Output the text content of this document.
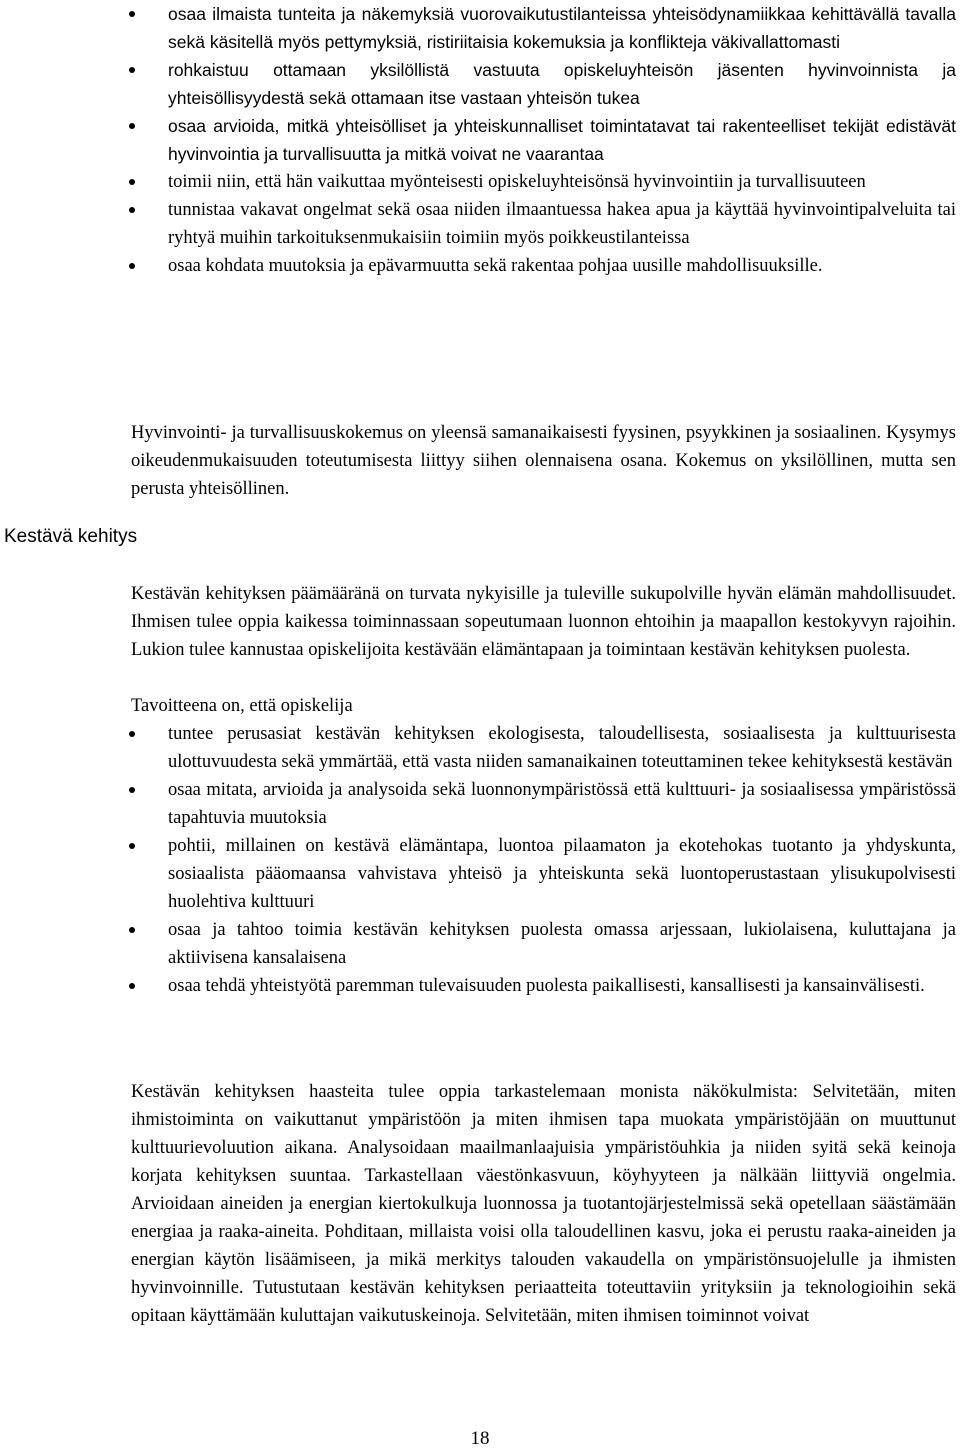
osaa ilmaista tunteita ja näkemyksiä vuorovaikutustilanteissa yhteisödynamiikkaa kehittävällä tavalla sekä käsitellä myös pettymyksiä, ristiriitaisia kokemuksia ja konflikteja väkivallattomasti
rohkaistuu ottamaan yksilöllistä vastuuta opiskeluyhteisön jäsenten hyvinvoinnista ja yhteisöllisyydestä sekä ottamaan itse vastaan yhteisön tukea
osaa arvioida, mitkä yhteisölliset ja yhteiskunnalliset toimintatavat tai rakenteelliset tekijät edistävät hyvinvointia ja turvallisuutta ja mitkä voivat ne vaarantaa
toimii niin, että hän vaikuttaa myönteisesti opiskeluyhteisönsä hyvinvointiin ja turvallisuuteen
tunnistaa vakavat ongelmat sekä osaa niiden ilmaantuessa hakea apua ja käyttää hyvinvointipalveluita tai ryhtyä muihin tarkoituksenmukaisiin toimiin myös poikkeustilanteissa
osaa kohdata muutoksia ja epävarmuutta sekä rakentaa pohjaa uusille mahdollisuuksille.

Hyvinvointi- ja turvallisuuskokemus on yleensä samanaikaisesti fyysinen, psyykkinen ja sosiaalinen. Kysymys oikeudenmukaisuuden toteutumisesta liittyy siihen olennaisena osana. Kokemus on yksilöllinen, mutta sen perusta yhteisöllinen.

Kestävä kehitys

Kestävän kehityksen päämääränä on turvata nykyisille ja tuleville sukupolville hyvän elämän mahdollisuudet. Ihmisen tulee oppia kaikessa toiminnassaan sopeutumaan luonnon ehtoihin ja maapallon kestokyvyn rajoihin. Lukion tulee kannustaa opiskelijoita kestävään elämäntapaan ja toimintaan kestävän kehityksen puolesta.

Tavoitteena on, että opiskelija

tuntee perusasiat kestävän kehityksen ekologisesta, taloudellisesta, sosiaalisesta ja kulttuurisesta ulottuvuudesta sekä ymmärtää, että vasta niiden samanaikainen toteuttaminen tekee kehityksestä kestävän
osaa mitata, arvioida ja analysoida sekä luonnonympäristössä että kulttuuri- ja sosiaalisessa ympäristössä tapahtuvia muutoksia
pohtii, millainen on kestävä elämäntapa, luontoa pilaamaton ja ekotehokas tuotanto ja yhdyskunta, sosiaalista pääomaansa vahvistava yhteisö ja yhteiskunta sekä luontoperustastaan ylisukupolvisesti huolehtiva kulttuuri
osaa ja tahtoo toimia kestävän kehityksen puolesta omassa arjessaan, lukiolaisena, kuluttajana ja aktiivisena kansalaisena
osaa tehdä yhteistyötä paremman tulevaisuuden puolesta paikallisesti, kansallisesti ja kansainvälisesti.

Kestävän kehityksen haasteita tulee oppia tarkastelemaan monista näkökulmista: Selvitetään, miten ihmistoiminta on vaikuttanut ympäristöön ja miten ihmisen tapa muokata ympäristöjään on muuttunut kulttuurievoluution aikana. Analysoidaan maailmanlaajuisia ympäristöuhkia ja niiden syitä sekä keinoja korjata kehityksen suuntaa. Tarkastellaan väestönkasvuun, köyhyyteen ja nälkään liittyviä ongelmia. Arvioidaan aineiden ja energian kiertokulkuja luonnossa ja tuotantojärjestelmissä sekä opetellaan säästämään energiaa ja raaka-aineita. Pohditaan, millaista voisi olla taloudellinen kasvu, joka ei perustu raaka-aineiden ja energian käytön lisäämiseen, ja mikä merkitys talouden vakaudella on ympäristönsuojelulle ja ihmisten hyvinvoinnille. Tutustutaan kestävän kehityksen periaatteita toteuttaviin yrityksiin ja teknologioihin sekä opitaan käyttämään kuluttajan vaikutuskeinoja. Selvitetään, miten ihmisen toiminnot voivat

18
